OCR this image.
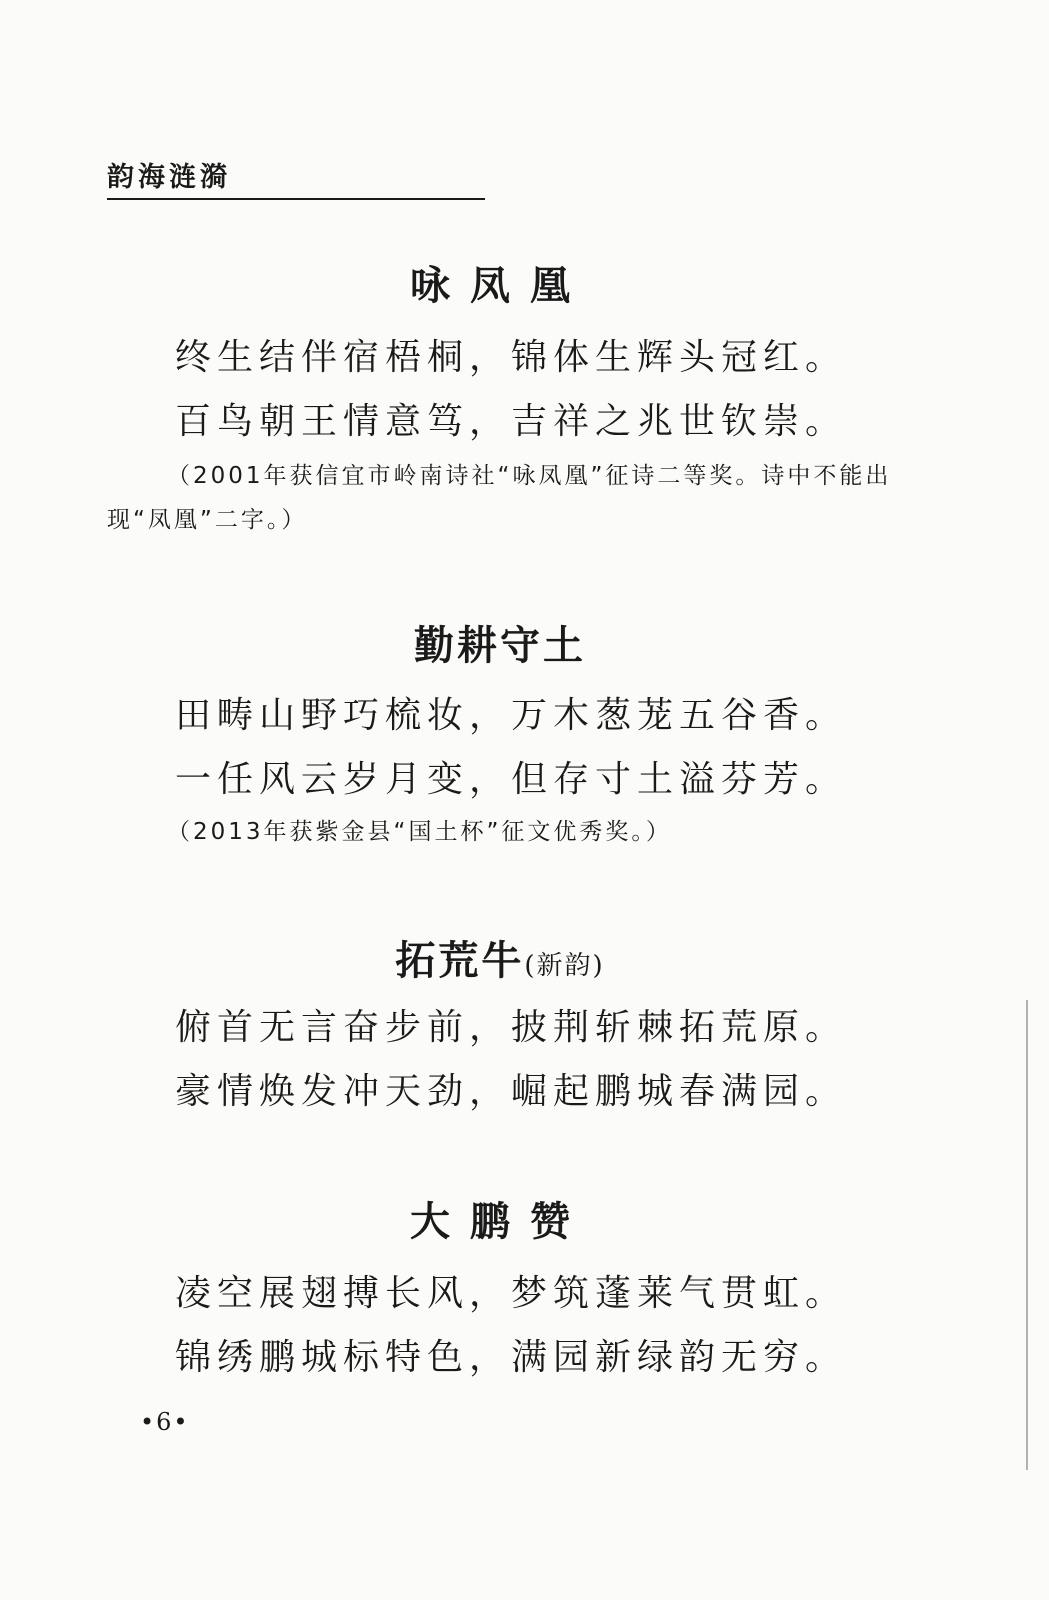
韵海涟漪
咏凤凰
终生结伴宿梧桐，锦体生辉头冠红。
百鸟朝王情意笃，吉祥之兆世钦崇。
（2001年获信宜市岭南诗社“咏凤凰”征诗二等奖。诗中不能出现“凤凰”二字。）
勤耕守土
田畴山野巧梳妆，万木葱茏五谷香。
一任风云岁月变，但存寸土溢芬芳。
（2013年获紫金县“国土杯”征文优秀奖。）
拓荒牛(新韵)
俯首无言奋步前，披荆斩棘拓荒原。
豪情焕发冲天劲，崛起鹏城春满园。
大鹏赞
凌空展翅搏长风，梦筑蓬莱气贯虹。
锦绣鹏城标特色，满园新绿韵无穷。
•6•
